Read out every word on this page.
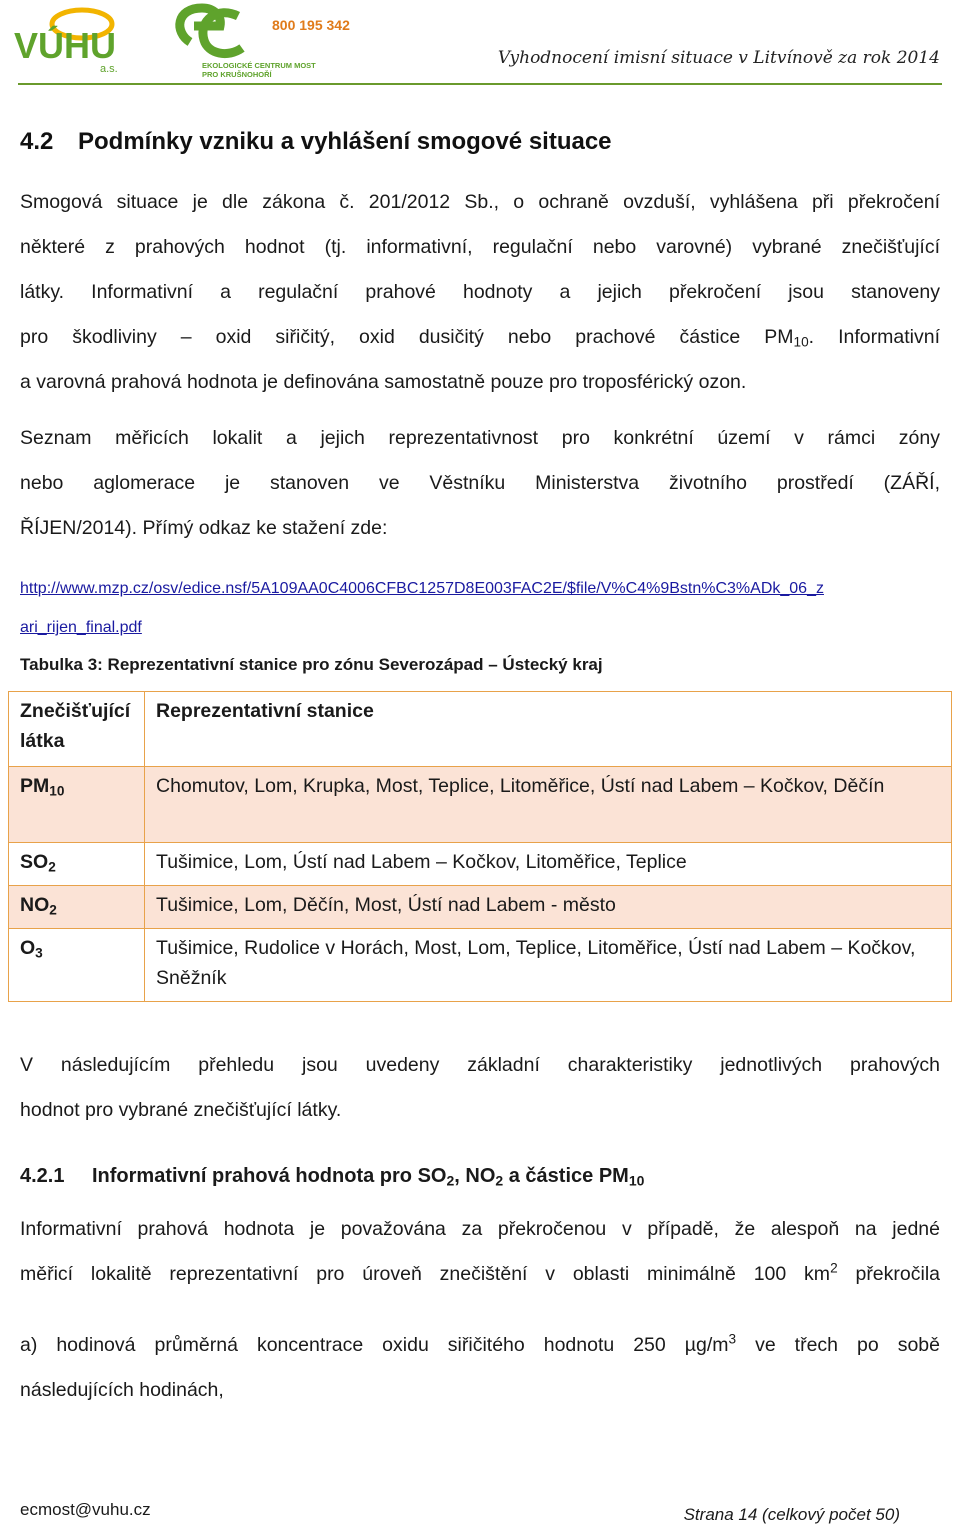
VÚHU
a.s.
800 195 342
EKOLOGICKÉ CENTRUM MOST
PRO KRUŠNOHOŘÍ
Vyhodnocení imisní situace v Litvínově za rok 2014
4.2 Podmínky vzniku a vyhlášení smogové situace
Smogová situace je dle zákona č. 201/2012 Sb., o ochraně ovzduší, vyhlášena při překročení
některé z prahových hodnot (tj. informativní, regulační nebo varovné) vybrané znečišťující
látky. Informativní a regulační prahové hodnoty a jejich překročení jsou stanoveny
pro škodliviny – oxid siřičitý, oxid dusičitý nebo prachové částice $PM_{10}$. Informativní
a varovná prahová hodnota je definována samostatně pouze pro troposférický ozon.
Seznam měřicích lokalit a jejich reprezentativnost pro konkrétní území v rámci zóny
nebo aglomerace je stanoven ve Věstníku Ministerstva životního prostředí (ZÁŘÍ,
ŘÍJEN/2014). Přímý odkaz ke stažení zde:
http://www.mzp.cz/osv/edice.nsf/5A109AA0C4006CFBC1257D8E003FAC2E/$file/V%C4%9Bstn%C3%ADk_06_z
ari_rijen_final.pdf
Tabulka 3: Reprezentativní stanice pro zónu Severozápad – Ústecký kraj
Znečišťující látka	Reprezentativní stanice
$PM_{10}$	Chomutov, Lom, Krupka, Most, Teplice, Litoměřice, Ústí nad Labem – Kočkov, Děčín
$SO_2$	Tušimice, Lom, Ústí nad Labem – Kočkov, Litoměřice, Teplice
$NO_2$	Tušimice, Lom, Děčín, Most, Ústí nad Labem - město
$O_3$	Tušimice, Rudolice v Horách, Most, Lom, Teplice, Litoměřice, Ústí nad Labem – Kočkov, Sněžník
V následujícím přehledu jsou uvedeny základní charakteristiky jednotlivých prahových
hodnot pro vybrané znečišťující látky.
4.2.1 Informativní prahová hodnota pro $SO_2$, $NO_2$ a částice $PM_{10}$
Informativní prahová hodnota je považována za překročenou v případě, že alespoň na jedné
měřicí lokalitě reprezentativní pro úroveň znečištění v oblasti minimálně 100 $km^2$ překročila
a) hodinová průměrná koncentrace oxidu siřičitého hodnotu 250 $\mu g/m^3$ ve třech po sobě
následujících hodinách,
ecmost@vuhu.cz	Strana 14 (celkový počet 50)
